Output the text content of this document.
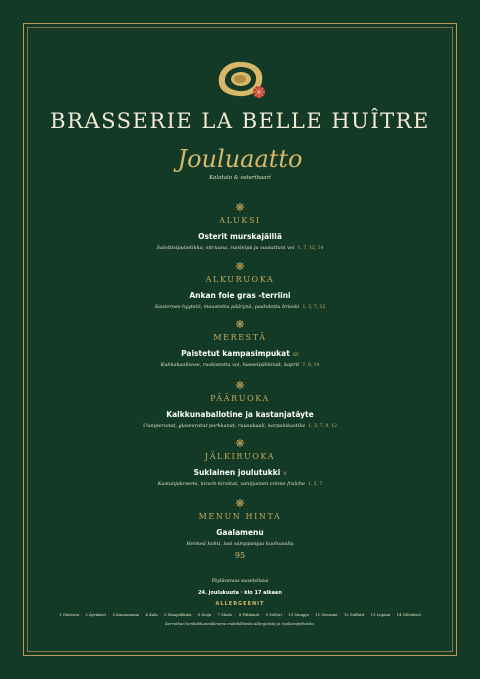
BRASSERIE LA BELLE HUÎTRE
Jouluaatto
Kalatalo & osteribaari
❋
ALUKSI
Osterit murskajäillä
Salottisipulietikka, sitruuna, ruisleipä ja suolattuni voi 1, 7, 12, 14
❋
ALKURUOKA
Ankan foie gras -terriini
Sauternes-hyytelö, maustettu päärynä, paahdettu brioski 1, 3, 7, 12
❋
MERESTÄ
Paistetut kampasimpukat GF
Kukkakaalisose, ruskistettu voi, hasselpähkinät, kaprit 7, 8, 14
❋
PÄÄRUOKA
Kalkkunaballotine ja kastanjatäyte
Uuniperunat, glaseeratut porkkanat, ruusukaali, karpalokastike 1, 3, 7, 9, 12
❋
JÄLKIRUOKA
Suklainen joulutukki V
Kastanjakreemi, kirsch-kirsikat, vaniljainen crème fraîche 1, 3, 7
❋
MENUN HINTA
Gaalamenu
Henkeä kohti, lasi samppanjaa kuohuvalla
95
Pöytävaraus suositeltava
24. joulukuuta · klo 17 alkaen
ALLERGEENIT
1 Gluteeni · 2 Äyriäiset · 3 Kananmuna · 4 Kala · 5 Maapähkinä · 6 Soija · 7 Maito · 8 Pähkinät · 9 Selleri · 10 Sinappi · 11 Seesami · 12 Sulfiitit · 13 Lupiini · 14 Nilviäiset
Kerrothan henkilökunnallemme mahdollisista allergioista ja ruokarajoitteista.
